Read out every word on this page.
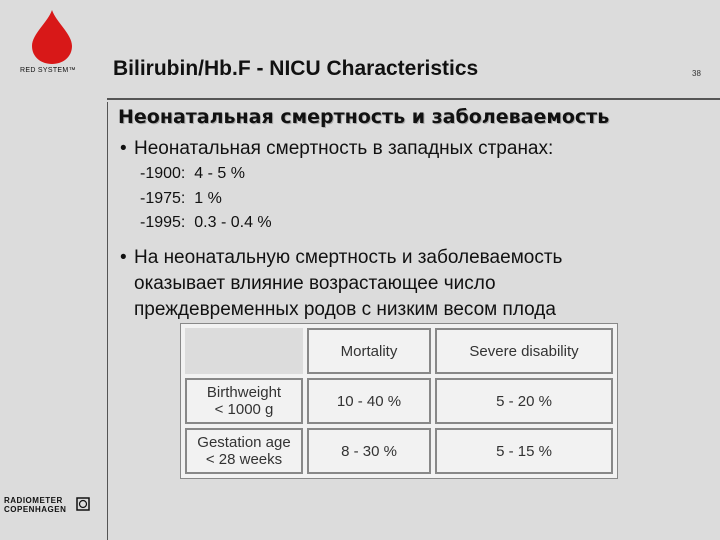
RED SYSTEM™ Bilirubin/Hb.F - NICU Characteristics	38
Неонатальная смертность и заболеваемость
• Неонатальная смертность в западных странах:
-1900:  4 - 5 %
-1975:  1 %
-1995:  0.3 - 0.4 %
• На неонатальную смертность и заболеваемость
оказывает влияние возрастающее число
преждевременных родов с низким весом плода
	Mortality	Severe disability

Birthweight
< 1000 g	10 - 40 %	5 - 20 %

Gestation age
< 28 weeks	8 - 30 %	5 - 15 %
RADIOMETER
COPENHAGEN
